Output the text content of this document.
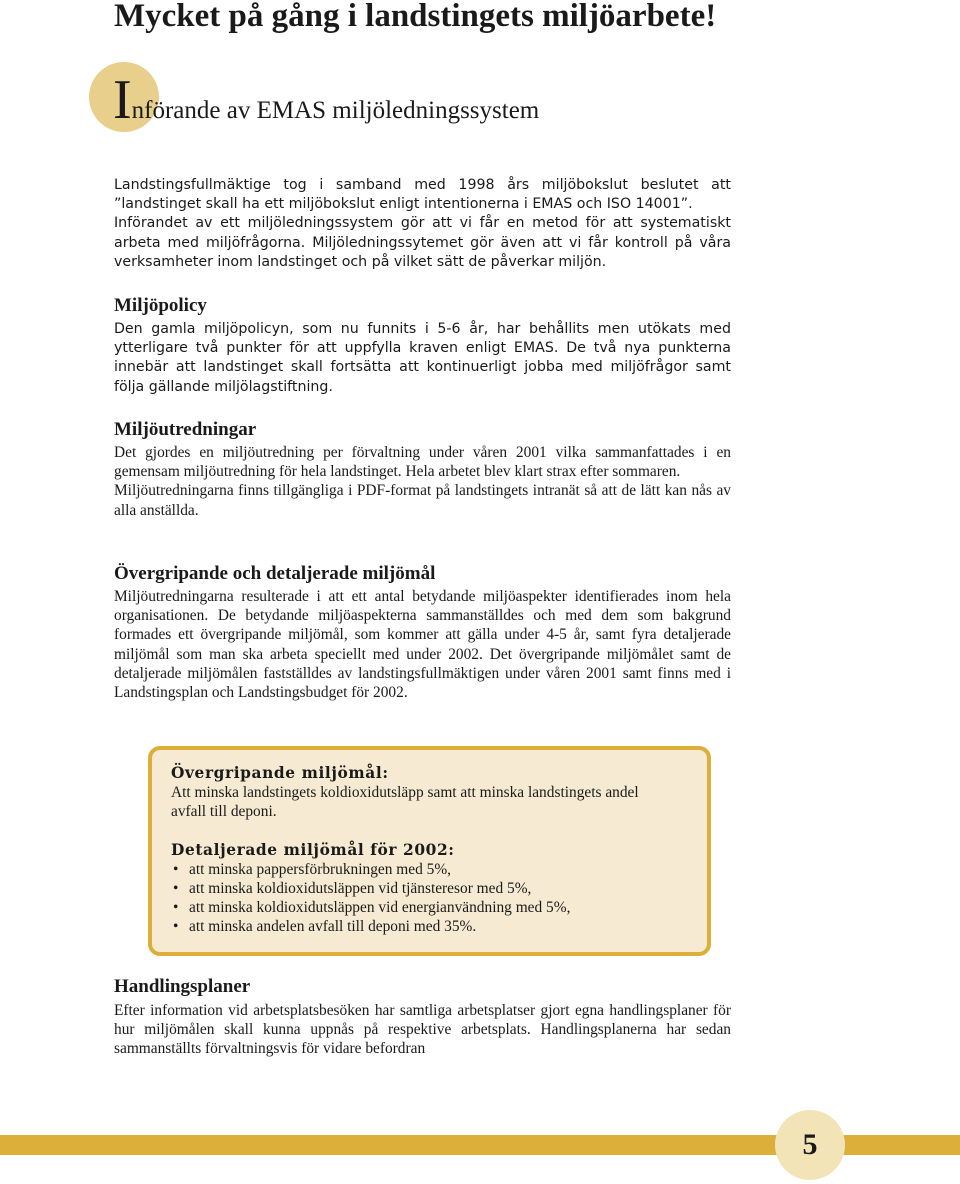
Mycket på gång i landstingets miljöarbete!
Införande av EMAS miljöledningssystem

Landstingsfullmäktige tog i samband med 1998 års miljöbokslut beslutet att ”landstinget skall ha ett miljöbokslut enligt intentionerna i EMAS och ISO 14001”.

Införandet av ett miljöledningssystem gör att vi får en metod för att systematiskt arbeta med miljöfrågorna. Miljöledningssytemet gör även att vi får kontroll på våra verksamheter inom landstinget och på vilket sätt de påverkar miljön.

Miljöpolicy

Den gamla miljöpolicyn, som nu funnits i 5-6 år, har behållits men utökats med ytterligare två punkter för att uppfylla kraven enligt EMAS. De två nya punkterna innebär att landstinget skall fortsätta att kontinuerligt jobba med miljöfrågor samt följa gällande miljölagstiftning.

Miljöutredningar

Det gjordes en miljöutredning per förvaltning under våren 2001 vilka sammanfattades i en gemensam miljöutredning för hela landstinget. Hela arbetet blev klart strax efter sommaren.

Miljöutredningarna finns tillgängliga i PDF-format på landstingets intranät så att de lätt kan nås av alla anställda.

Övergripande och detaljerade miljömål

Miljöutredningarna resulterade i att ett antal betydande miljöaspekter identifierades inom hela organisationen. De betydande miljöaspekterna sammanställdes och med dem som bakgrund formades ett övergripande miljömål, som kommer att gälla under 4-5 år, samt fyra detaljerade miljömål som man ska arbeta speciellt med under 2002. Det övergripande miljömålet samt de detaljerade miljömålen fastställdes av landstingsfullmäktigen under våren 2001 samt finns med i Landstingsplan och Landstingsbudget för 2002.

Övergripande miljömål:

Att minska landstingets koldioxidutsläpp samt att minska landstingets andel avfall till deponi.

Detaljerade miljömål för 2002:

• att minska pappersförbrukningen med 5%,
• att minska koldioxidutsläppen vid tjänsteresor med 5%,
• att minska koldioxidutsläppen vid energianvändning med 5%,
• att minska andelen avfall till deponi med 35%.
Handlingsplaner

Efter information vid arbetsplatsbesöken har samtliga arbetsplatser gjort egna handlingsplaner för hur miljömålen skall kunna uppnås på respektive arbetsplats. Handlingsplanerna har sedan sammanställts förvaltningsvis för vidare befordran

5
